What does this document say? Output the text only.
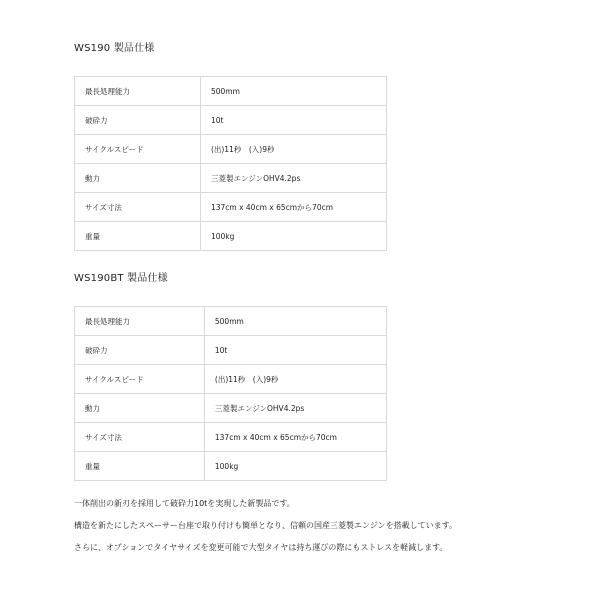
WS190 製品仕様
最長処理能力	500mm
破砕力	10t
サイクルスピード	(出)11秒　(入)9秒
動力	三菱製エンジンOHV4.2ps
サイズ寸法	137cm x 40cm x 65cmから70cm
重量	100kg
WS190BT 製品仕様
最長処理能力	500mm
破砕力	10t
サイクルスピード	(出)11秒　(入)9秒
動力	三菱製エンジンOHV4.2ps
サイズ寸法	137cm x 40cm x 65cmから70cm
重量	100kg
一体削出の新刃を採用して破砕力10tを実現した新製品です。
構造を新たにしたスペーサー台座で取り付けも簡単となり、信頼の国産三菱製エンジンを搭載しています。
さらに、オプションでタイヤサイズを変更可能で大型タイヤは持ち運びの際にもストレスを軽減します。
